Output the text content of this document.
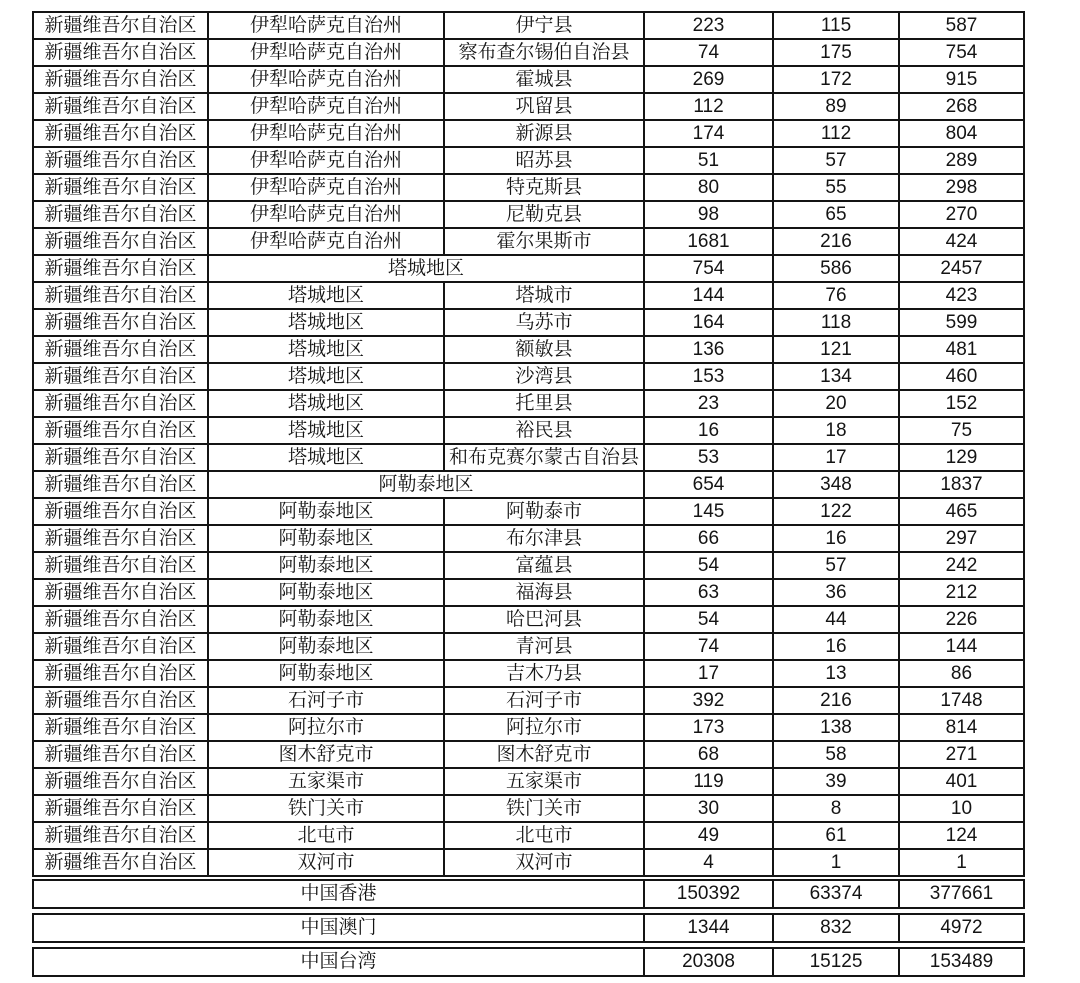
新疆维吾尔自治区	伊犁哈萨克自治州	伊宁县	223	115	587
新疆维吾尔自治区	伊犁哈萨克自治州	察布查尔锡伯自治县	74	175	754
新疆维吾尔自治区	伊犁哈萨克自治州	霍城县	269	172	915
新疆维吾尔自治区	伊犁哈萨克自治州	巩留县	112	89	268
新疆维吾尔自治区	伊犁哈萨克自治州	新源县	174	112	804
新疆维吾尔自治区	伊犁哈萨克自治州	昭苏县	51	57	289
新疆维吾尔自治区	伊犁哈萨克自治州	特克斯县	80	55	298
新疆维吾尔自治区	伊犁哈萨克自治州	尼勒克县	98	65	270
新疆维吾尔自治区	伊犁哈萨克自治州	霍尔果斯市	1681	216	424
新疆维吾尔自治区	塔城地区		754	586	2457
新疆维吾尔自治区	塔城地区	塔城市	144	76	423
新疆维吾尔自治区	塔城地区	乌苏市	164	118	599
新疆维吾尔自治区	塔城地区	额敏县	136	121	481
新疆维吾尔自治区	塔城地区	沙湾县	153	134	460
新疆维吾尔自治区	塔城地区	托里县	23	20	152
新疆维吾尔自治区	塔城地区	裕民县	16	18	75
新疆维吾尔自治区	塔城地区	和布克赛尔蒙古自治县	53	17	129
新疆维吾尔自治区	阿勒泰地区		654	348	1837
新疆维吾尔自治区	阿勒泰地区	阿勒泰市	145	122	465
新疆维吾尔自治区	阿勒泰地区	布尔津县	66	16	297
新疆维吾尔自治区	阿勒泰地区	富蕴县	54	57	242
新疆维吾尔自治区	阿勒泰地区	福海县	63	36	212
新疆维吾尔自治区	阿勒泰地区	哈巴河县	54	44	226
新疆维吾尔自治区	阿勒泰地区	青河县	74	16	144
新疆维吾尔自治区	阿勒泰地区	吉木乃县	17	13	86
新疆维吾尔自治区	石河子市	石河子市	392	216	1748
新疆维吾尔自治区	阿拉尔市	阿拉尔市	173	138	814
新疆维吾尔自治区	图木舒克市	图木舒克市	68	58	271
新疆维吾尔自治区	五家渠市	五家渠市	119	39	401
新疆维吾尔自治区	铁门关市	铁门关市	30	8	10
新疆维吾尔自治区	北屯市	北屯市	49	61	124
新疆维吾尔自治区	双河市	双河市	4	1	1
中国香港	150392	63374	377661
中国澳门	1344	832	4972
中国台湾	20308	15125	153489
